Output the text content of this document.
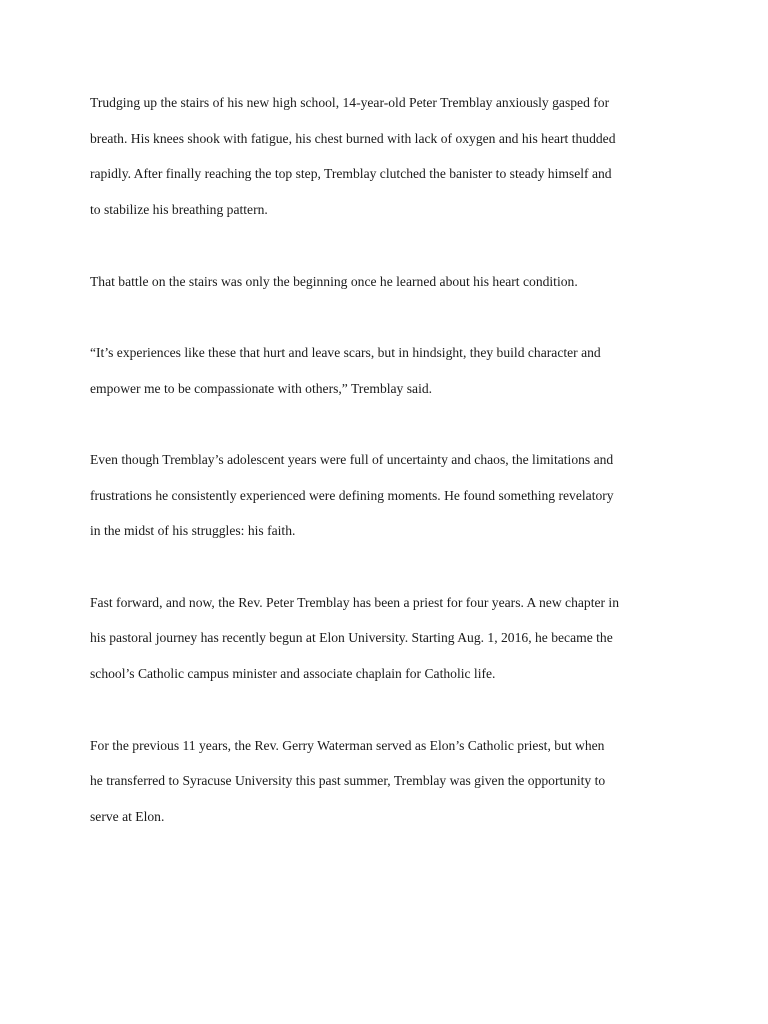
Trudging up the stairs of his new high school, 14-year-old Peter Tremblay anxiously gasped for
breath. His knees shook with fatigue, his chest burned with lack of oxygen and his heart thudded
rapidly. After finally reaching the top step, Tremblay clutched the banister to steady himself and
to stabilize his breathing pattern.

That battle on the stairs was only the beginning once he learned about his heart condition.

“It’s experiences like these that hurt and leave scars, but in hindsight, they build character and
empower me to be compassionate with others,” Tremblay said.

Even though Tremblay’s adolescent years were full of uncertainty and chaos, the limitations and
frustrations he consistently experienced were defining moments. He found something revelatory
in the midst of his struggles: his faith.

Fast forward, and now, the Rev. Peter Tremblay has been a priest for four years. A new chapter in
his pastoral journey has recently begun at Elon University. Starting Aug. 1, 2016, he became the
school’s Catholic campus minister and associate chaplain for Catholic life.

For the previous 11 years, the Rev. Gerry Waterman served as Elon’s Catholic priest, but when
he transferred to Syracuse University this past summer, Tremblay was given the opportunity to
serve at Elon.
